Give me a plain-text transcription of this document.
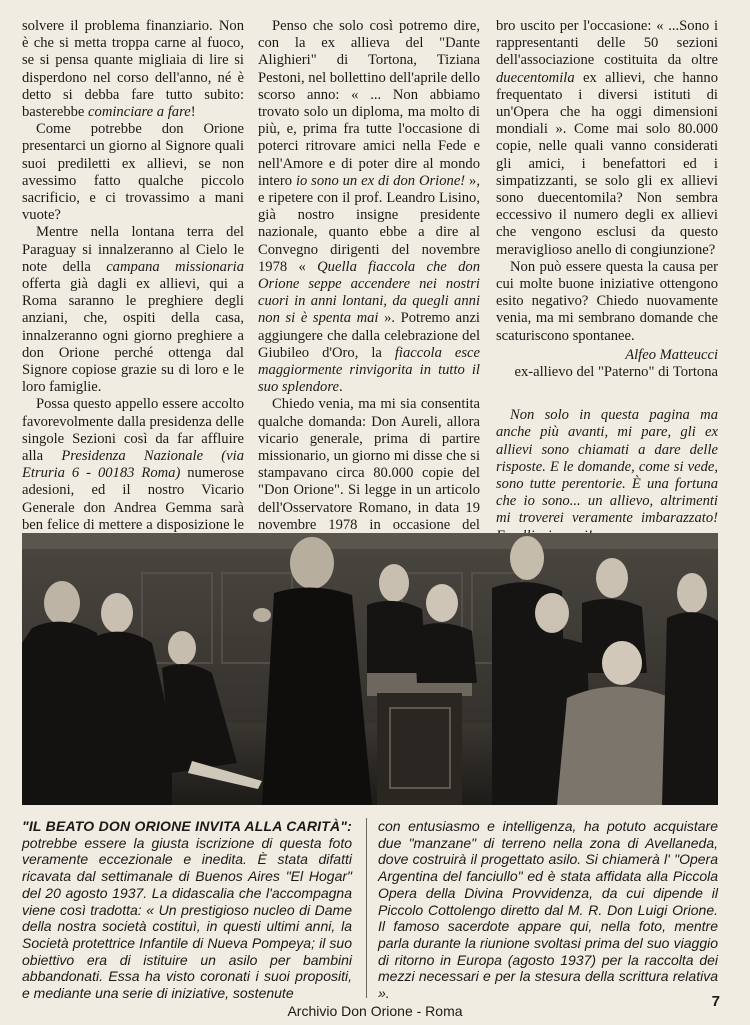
solvere il problema finanziario. Non è che si metta troppa carne al fuoco, se si pensa quante migliaia di lire si disperdono nel corso dell'anno, né è detto si debba fare tutto subito: basterebbe cominciare a fare!

Come potrebbe don Orione presentarci un giorno al Signore quali suoi prediletti ex allievi, se non avessimo fatto qualche piccolo sacrificio, e ci trovassimo a mani vuote?

Mentre nella lontana terra del Paraguay si innalzeranno al Cielo le note della campana missionaria offerta già dagli ex allievi, qui a Roma saranno le preghiere degli anziani, che, ospiti della casa, innalzeranno ogni giorno preghiere a don Orione perché ottenga dal Signore copiose grazie su di loro e le loro famiglie.

Possa questo appello essere accolto favorevolmente dalla presidenza delle singole Sezioni così da far affluire alla Presidenza Nazionale (via Etruria 6 - 00183 Roma) numerose adesioni, ed il nostro Vicario Generale don Andrea Gemma sarà ben felice di mettere a disposizione le

Penso che solo così potremo dire, con la ex allieva del "Dante Alighieri" di Tortona, Tiziana Pestoni, nel bollettino dell'aprile dello scorso anno: « ... Non abbiamo trovato solo un diploma, ma molto di più, e, prima fra tutte l'occasione di poterci ritrovare amici nella Fede e nell'Amore e di poter dire al mondo intero io sono un ex di don Orione! », e ripetere con il prof. Leandro Lisino, già nostro insigne presidente nazionale, quanto ebbe a dire al Convegno dirigenti del novembre 1978 « Quella fiaccola che don Orione seppe accendere nei nostri cuori in anni lontani, da quegli anni non si è spenta mai ». Potremo anzi aggiungere che dalla celebrazione del Giubileo d'Oro, la fiaccola esce maggiormente rinvigorita in tutto il suo splendore.

Chiedo venia, ma mi sia consentita qualche domanda: Don Aureli, allora vicario generale, prima di partire missionario, un giorno mi disse che si stampavano circa 80.000 copie del "Don Orione". Si legge in un articolo dell'Osservatore Romano, in data 19 novembre 1978 in occasione del

bro uscito per l'occasione: « ...Sono i rappresentanti delle 50 sezioni dell'associazione costituita da oltre duecentomila ex allievi, che hanno frequentato i diversi istituti di un'Opera che ha oggi dimensioni mondiali ». Come mai solo 80.000 copie, nelle quali vanno considerati gli amici, i benefattori ed i simpatizzanti, se solo gli ex allievi sono duecentomila? Non sembra eccessivo il numero degli ex allievi che vengono esclusi da questo meraviglioso anello di congiunzione?

Non può essere questa la causa per cui molte buone iniziative ottengono esito negativo? Chiedo nuovamente venia, ma mi sembrano domande che scaturiscono spontanee.

Alfeo Matteucci
ex-allievo del "Paterno" di Tortona

Non solo in questa pagina ma anche più avanti, mi pare, gli ex allievi sono chiamati a dare delle risposte. E le domande, come si vede, sono tutte perentorie. È una fortuna che io sono... un allievo, altrimenti mi troverei veramente imbarazzato!

"IL BEATO DON ORIONE INVITA ALLA CARITÀ": potrebbe essere la giusta iscrizione di questa foto veramente eccezionale e inedita. È stata difatti ricavata dal settimanale di Buenos Aires "El Hogar" del 20 agosto 1937. La didascalia che l'accompagna viene così tradotta: « Un prestigioso nucleo di Dame della nostra società costituì, in questi ultimi anni, la Società protettrice Infantile di Nueva Pompeya; il suo obiettivo era di istituire un asilo per bambini abbandonati. Essa ha visto coronati i suoi propositi, e mediante una serie di iniziative, sostenute
con entusiasmo e intelligenza, ha potuto acquistare due "manzane" di terreno nella zona di Avellaneda, dove costruirà il progettato asilo. Si chiamerà l' "Opera Argentina del fanciullo" ed è stata affidata alla Piccola Opera della Divina Provvidenza, da cui dipende il Piccolo Cottolengo diretto dal M. R. Don Luigi Orione. Il famoso sacerdote appare qui, nella foto, mentre parla durante la riunione svoltasi prima del suo viaggio di ritorno in Europa (agosto 1937) per la raccolta dei mezzi necessari e per la stesura della scrittura relativa ».	7
Archivio Don Orione - Roma
